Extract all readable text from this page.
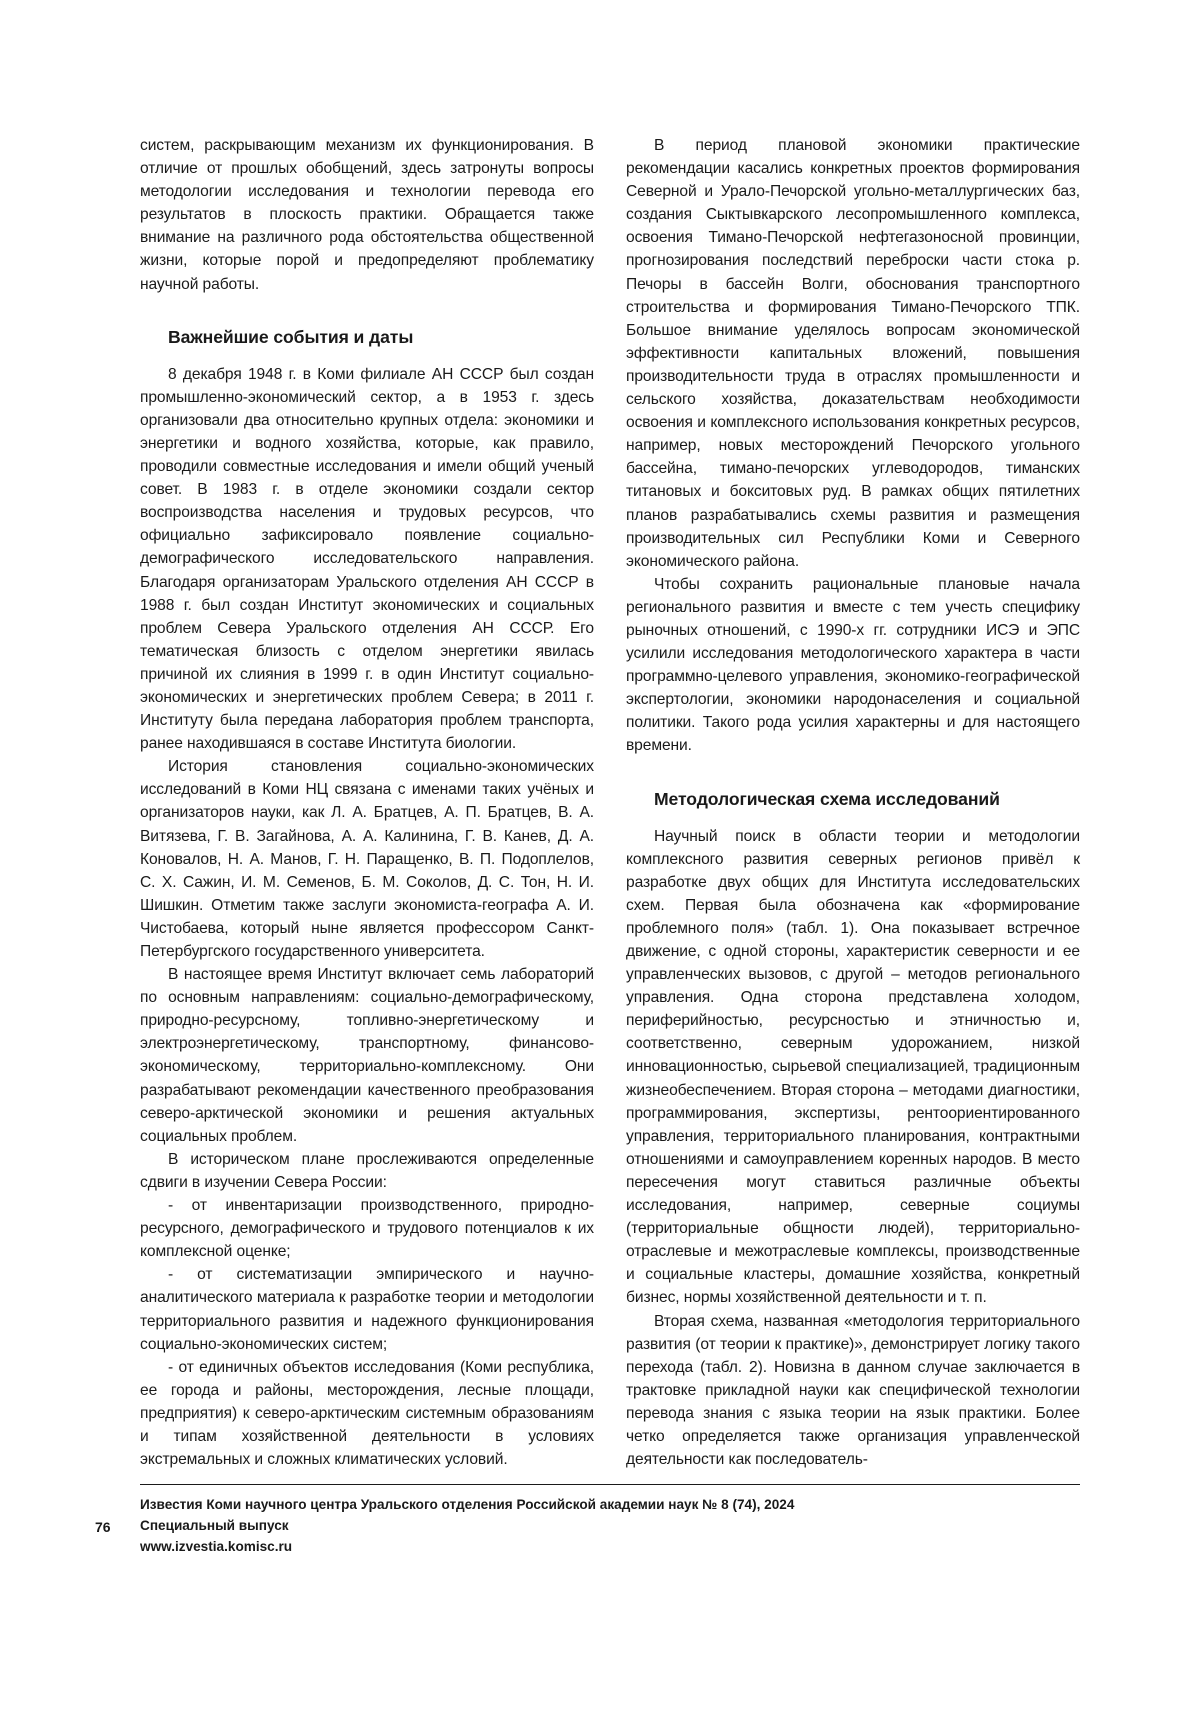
систем, раскрывающим механизм их функционирования. В отличие от прошлых обобщений, здесь затронуты вопросы методологии исследования и технологии перевода его результатов в плоскость практики. Обращается также внимание на различного рода обстоятельства общественной жизни, которые порой и предопределяют проблематику научной работы.

Важнейшие события и даты

8 декабря 1948 г. в Коми филиале АН СССР был создан промышленно-экономический сектор, а в 1953 г. здесь организовали два относительно крупных отдела: экономики и энергетики и водного хозяйства, которые, как правило, проводили совместные исследования и имели общий ученый совет. В 1983 г. в отделе экономики создали сектор воспроизводства населения и трудовых ресурсов, что официально зафиксировало появление социально-демографического исследовательского направления. Благодаря организаторам Уральского отделения АН СССР в 1988 г. был создан Институт экономических и социальных проблем Севера Уральского отделения АН СССР. Его тематическая близость с отделом энергетики явилась причиной их слияния в 1999 г. в один Институт социально-экономических и энергетических проблем Севера; в 2011 г. Институту была передана лаборатория проблем транспорта, ранее находившаяся в составе Института биологии.

История становления социально-экономических исследований в Коми НЦ связана с именами таких учёных и организаторов науки, как Л. А. Братцев, А. П. Братцев, В. А. Витязева, Г. В. Загайнова, А. А. Калинина, Г. В. Канев, Д. А. Коновалов, Н. А. Манов, Г. Н. Паращенко, В. П. Подоплелов, С. Х. Сажин, И. М. Семенов, Б. М. Соколов, Д. С. Тон, Н. И. Шишкин. Отметим также заслуги экономиста-географа А. И. Чистобаева, который ныне является профессором Санкт-Петербургского государственного университета.

В настоящее время Институт включает семь лабораторий по основным направлениям: социально-демографическому, природно-ресурсному, топливно-энергетическому и электроэнергетическому, транспортному, финансово-экономическому, территориально-комплексному. Они разрабатывают рекомендации качественного преобразования северо-арктической экономики и решения актуальных социальных проблем.

В историческом плане прослеживаются определенные сдвиги в изучении Севера России:

- от инвентаризации производственного, природно-ресурсного, демографического и трудового потенциалов к их комплексной оценке;

- от систематизации эмпирического и научно-аналитического материала к разработке теории и методологии территориального развития и надежного функционирования социально-экономических систем;

- от единичных объектов исследования (Коми республика, ее города и районы, месторождения, лесные площади, предприятия) к северо-арктическим системным образованиям и типам хозяйственной деятельности в условиях экстремальных и сложных климатических условий.

В период плановой экономики практические рекомендации касались конкретных проектов формирования Северной и Урало-Печорской угольно-металлургических баз, создания Сыктывкарского лесопромышленного комплекса, освоения Тимано-Печорской нефтегазоносной провинции, прогнозирования последствий переброски части стока р. Печоры в бассейн Волги, обоснования транспортного строительства и формирования Тимано-Печорского ТПК. Большое внимание уделялось вопросам экономической эффективности капитальных вложений, повышения производительности труда в отраслях промышленности и сельского хозяйства, доказательствам необходимости освоения и комплексного использования конкретных ресурсов, например, новых месторождений Печорского угольного бассейна, тимано-печорских углеводородов, тиманских титановых и бокситовых руд. В рамках общих пятилетних планов разрабатывались схемы развития и размещения производительных сил Республики Коми и Северного экономического района.

Чтобы сохранить рациональные плановые начала регионального развития и вместе с тем учесть специфику рыночных отношений, с 1990-х гг. сотрудники ИСЭ и ЭПС усилили исследования методологического характера в части программно-целевого управления, экономико-географической экспертологии, экономики народонаселения и социальной политики. Такого рода усилия характерны и для настоящего времени.

Методологическая схема исследований

Научный поиск в области теории и методологии комплексного развития северных регионов привёл к разработке двух общих для Института исследовательских схем. Первая была обозначена как «формирование проблемного поля» (табл. 1). Она показывает встречное движение, с одной стороны, характеристик северности и ее управленческих вызовов, с другой – методов регионального управления. Одна сторона представлена холодом, периферийностью, ресурсностью и этничностью и, соответственно, северным удорожанием, низкой инновационностью, сырьевой специализацией, традиционным жизнеобеспечением. Вторая сторона – методами диагностики, программирования, экспертизы, рентоориентированного управления, территориального планирования, контрактными отношениями и самоуправлением коренных народов. В место пересечения могут ставиться различные объекты исследования, например, северные социумы (территориальные общности людей), территориально-отраслевые и межотраслевые комплексы, производственные и социальные кластеры, домашние хозяйства, конкретный бизнес, нормы хозяйственной деятельности и т. п.

Вторая схема, названная «методология территориального развития (от теории к практике)», демонстрирует логику такого перехода (табл. 2). Новизна в данном случае заключается в трактовке прикладной науки как специфической технологии перевода знания с языка теории на язык практики. Более четко определяется также организация управленческой деятельности как последователь-

76
Известия Коми научного центра Уральского отделения Российской академии наук № 8 (74), 2024
Специальный выпуск
www.izvestia.komisc.ru
